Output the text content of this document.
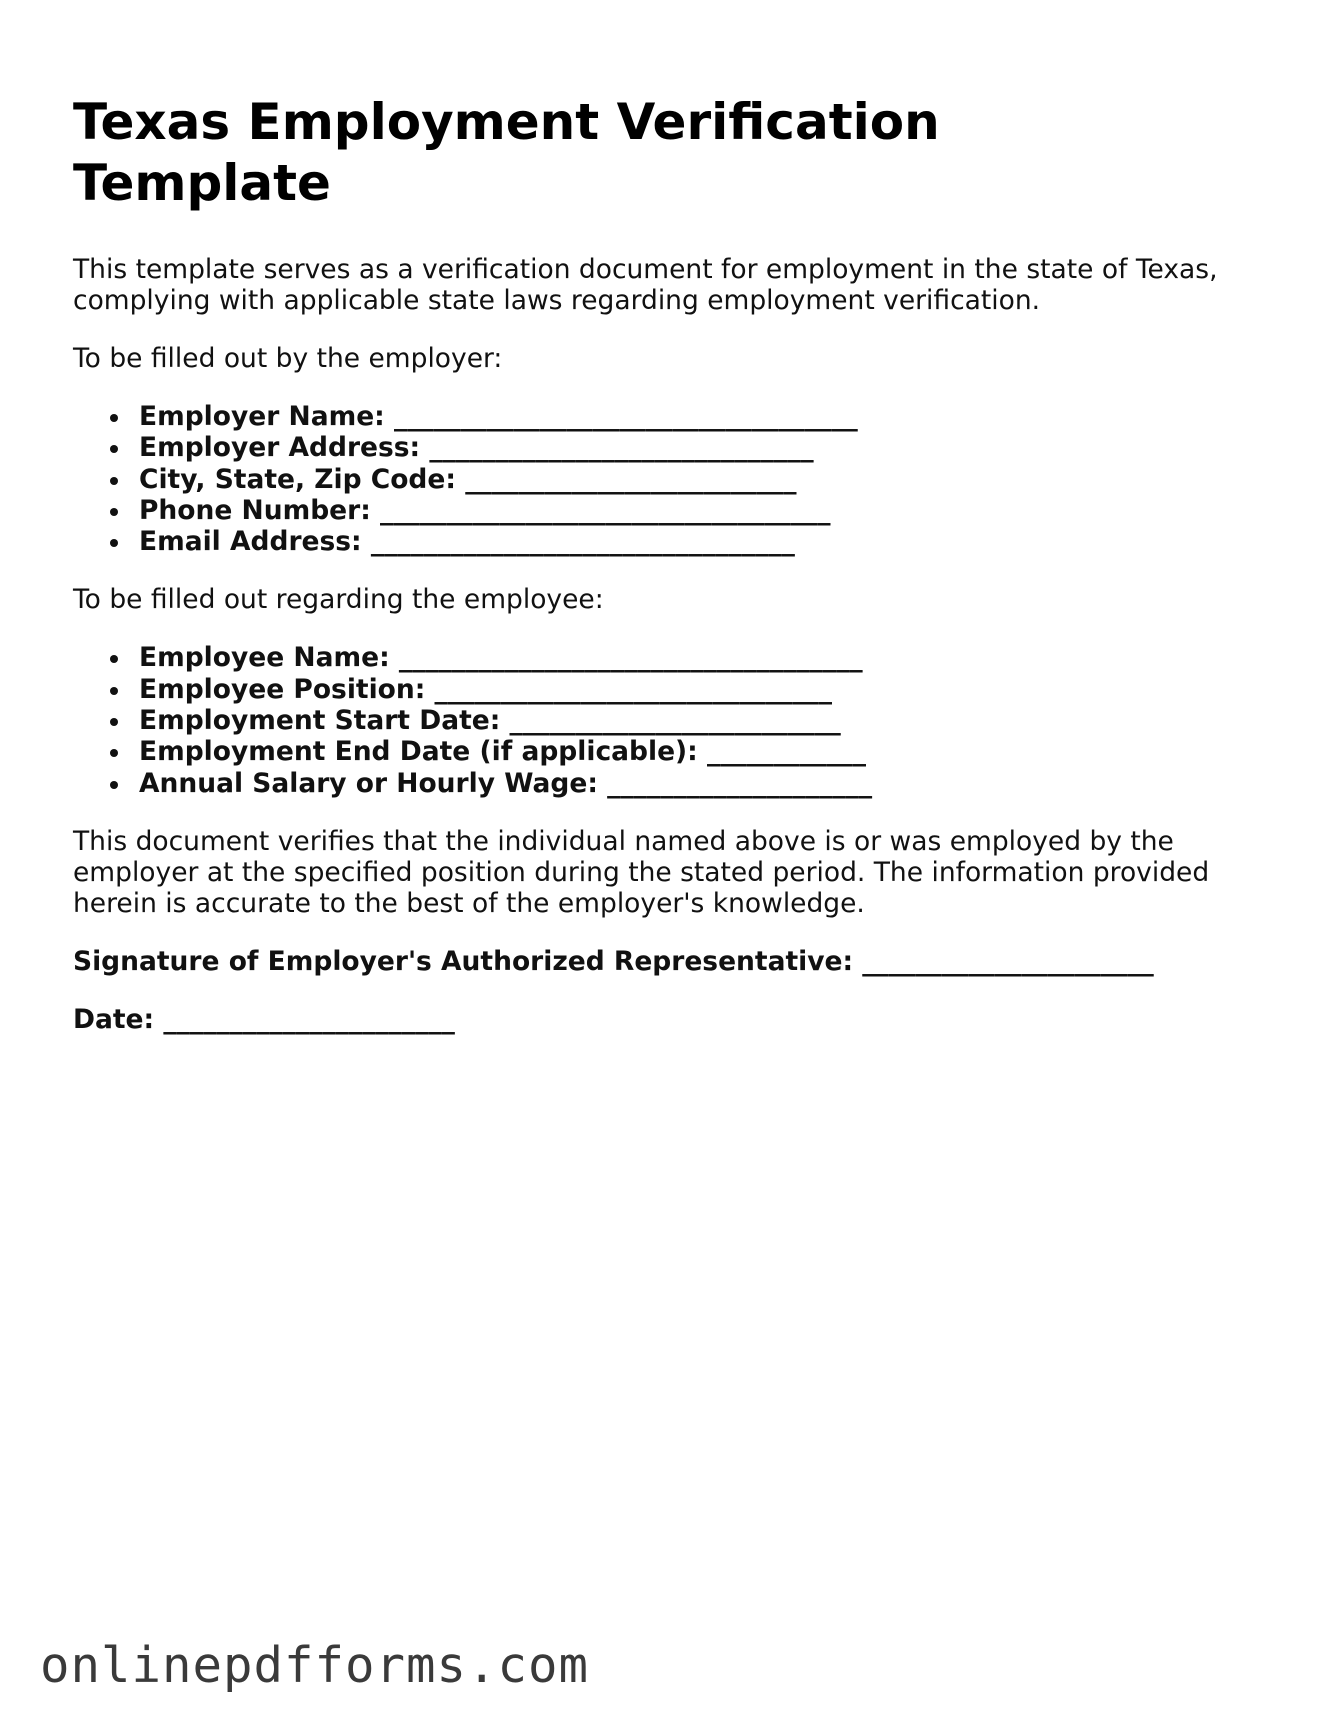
Texas Employment Verification Template

This template serves as a verification document for employment in the state of Texas, complying with applicable state laws regarding employment verification.

To be filled out by the employer:

Employer Name: ___________________________________
Employer Address: _____________________________
City, State, Zip Code: _________________________
Phone Number: __________________________________
Email Address: ________________________________

To be filled out regarding the employee:

Employee Name: ___________________________________
Employee Position: ______________________________
Employment Start Date: _________________________
Employment End Date (if applicable): ____________
Annual Salary or Hourly Wage: ____________________

This document verifies that the individual named above is or was employed by the employer at the specified position during the stated period. The information provided herein is accurate to the best of the employer's knowledge.

Signature of Employer's Authorized Representative: ______________________

Date: ______________________

onlinepdfforms.com
